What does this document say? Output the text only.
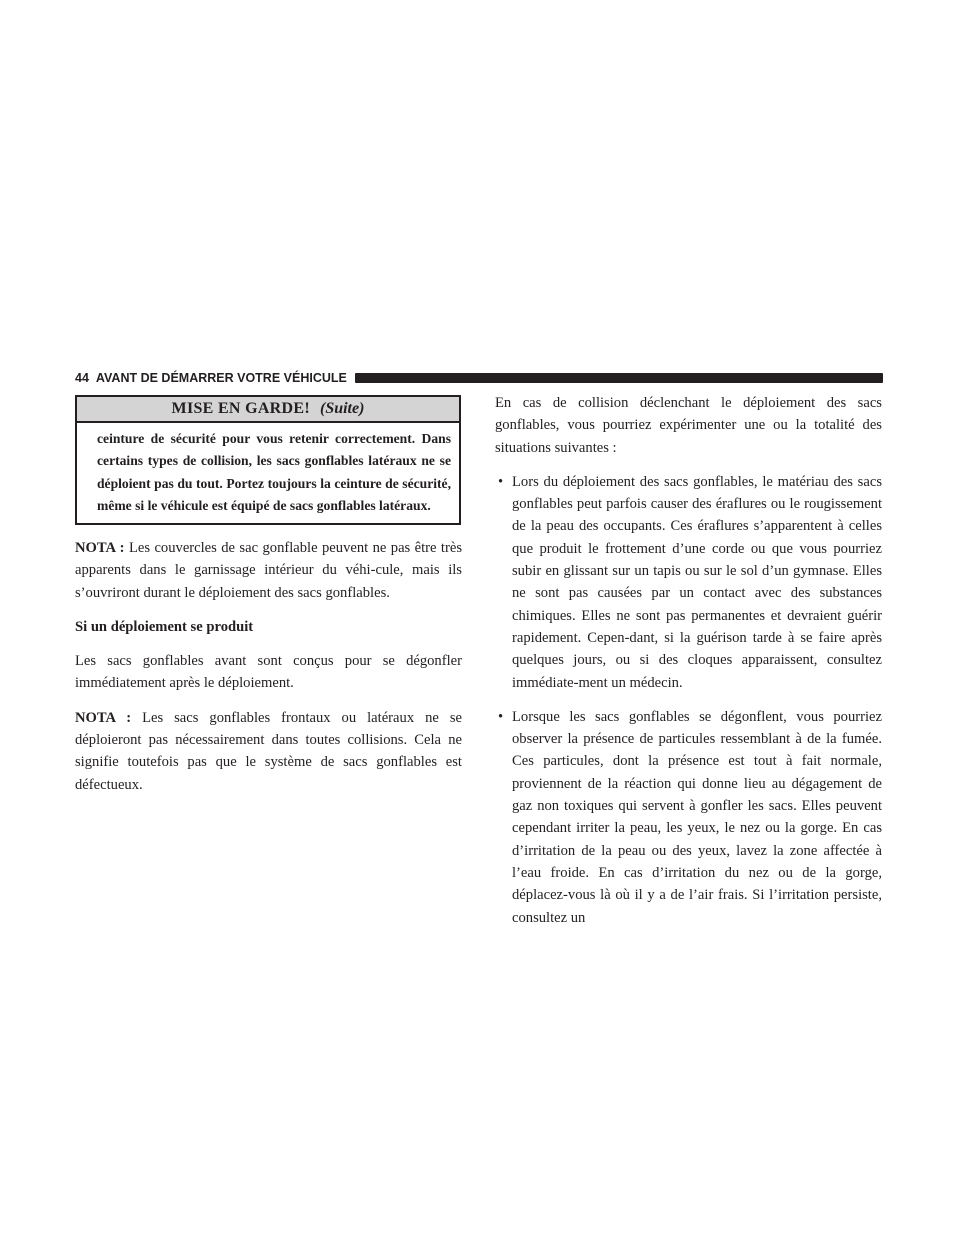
44 AVANT DE DÉMARRER VOTRE VÉHICULE
MISE EN GARDE! (Suite)
ceinture de sécurité pour vous retenir correctement. Dans certains types de collision, les sacs gonflables latéraux ne se déploient pas du tout. Portez toujours la ceinture de sécurité, même si le véhicule est équipé de sacs gonflables latéraux.

NOTA : Les couvercles de sac gonflable peuvent ne pas être très apparents dans le garnissage intérieur du véhi-cule, mais ils s’ouvriront durant le déploiement des sacs gonflables.

Si un déploiement se produit

Les sacs gonflables avant sont conçus pour se dégonfler immédiatement après le déploiement.

NOTA : Les sacs gonflables frontaux ou latéraux ne se déploieront pas nécessairement dans toutes collisions. Cela ne signifie toutefois pas que le système de sacs gonflables est défectueux.

En cas de collision déclenchant le déploiement des sacs gonflables, vous pourriez expérimenter une ou la totalité des situations suivantes :

• Lors du déploiement des sacs gonflables, le matériau des sacs gonflables peut parfois causer des éraflures ou le rougissement de la peau des occupants. Ces éraflures s’apparentent à celles que produit le frottement d’une corde ou que vous pourriez subir en glissant sur un tapis ou sur le sol d’un gymnase. Elles ne sont pas causées par un contact avec des substances chimiques. Elles ne sont pas permanentes et devraient guérir rapidement. Cepen-dant, si la guérison tarde à se faire après quelques jours, ou si des cloques apparaissent, consultez immédiate-ment un médecin.
• Lorsque les sacs gonflables se dégonflent, vous pourriez observer la présence de particules ressemblant à de la fumée. Ces particules, dont la présence est tout à fait normale, proviennent de la réaction qui donne lieu au dégagement de gaz non toxiques qui servent à gonfler les sacs. Elles peuvent cependant irriter la peau, les yeux, le nez ou la gorge. En cas d’irritation de la peau ou des yeux, lavez la zone affectée à l’eau froide. En cas d’irritation du nez ou de la gorge, déplacez-vous là où il y a de l’air frais. Si l’irritation persiste, consultez un
